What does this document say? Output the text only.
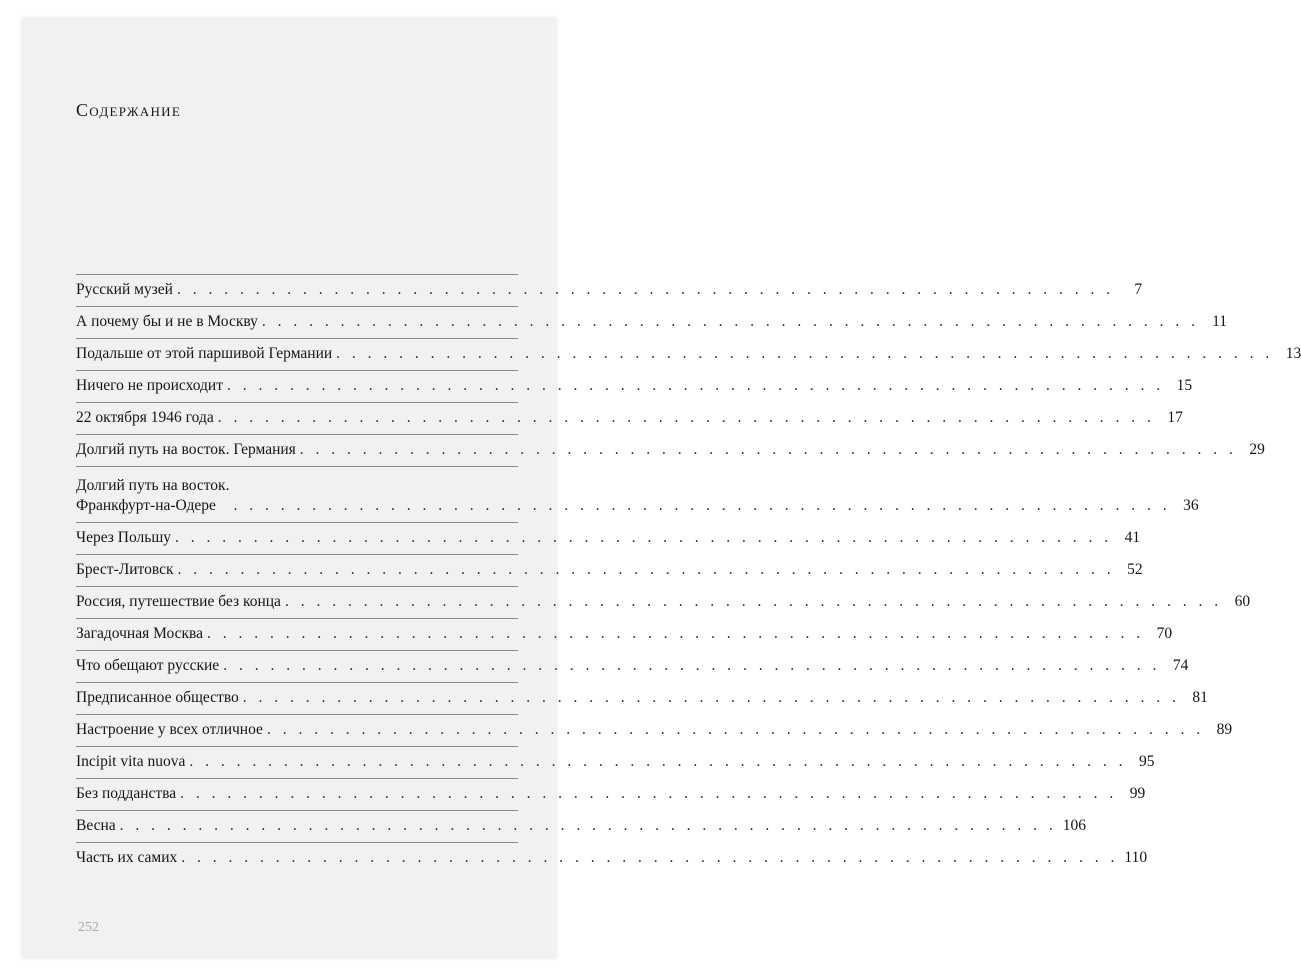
Содержание
Русский музей . . . . . . . . . . . . . . . . . . . . . . . . . . . . . . . . . . . . . . . . . . . . . . . . . . . . . . . . . . . .	7
А почему бы и не в Москву . . . . . . . . . . . . . . . . . . . . . . . . . . . . . . . . . . . . . . . . . . . . . . . . . . . . . . . . . . . . 11
Подальше от этой паршивой Германии . . . . . . . . . . . . . . . . . . . . . . . . . . . . . . . . . . . . . . . . . . . . . . . . . . . . . . . . . . . . 13
Ничего не происходит . . . . . . . . . . . . . . . . . . . . . . . . . . . . . . . . . . . . . . . . . . . . . . . . . . . . . . . . . . . . 15
22 октября 1946 года . . . . . . . . . . . . . . . . . . . . . . . . . . . . . . . . . . . . . . . . . . . . . . . . . . . . . . . . . . . . 17
Долгий путь на восток. Германия . . . . . . . . . . . . . . . . . . . . . . . . . . . . . . . . . . . . . . . . . . . . . . . . . . . . . . . . . . . . 29
Долгий путь на восток.
Франкфурт-на-Одере	. . . . . . . . . . . . . . . . . . . . . . . . . . . . . . . . . . . . . . . . . . . . . . . . . . . . . . . . . . . . 36
Через Польшу . . . . . . . . . . . . . . . . . . . . . . . . . . . . . . . . . . . . . . . . . . . . . . . . . . . . . . . . . . . . 41
Брест-Литовск . . . . . . . . . . . . . . . . . . . . . . . . . . . . . . . . . . . . . . . . . . . . . . . . . . . . . . . . . . . . 52
Россия, путешествие без конца . . . . . . . . . . . . . . . . . . . . . . . . . . . . . . . . . . . . . . . . . . . . . . . . . . . . . . . . . . . . 60
Загадочная Москва . . . . . . . . . . . . . . . . . . . . . . . . . . . . . . . . . . . . . . . . . . . . . . . . . . . . . . . . . . . . 70
Что обещают русские . . . . . . . . . . . . . . . . . . . . . . . . . . . . . . . . . . . . . . . . . . . . . . . . . . . . . . . . . . . . 74
Предписанное общество . . . . . . . . . . . . . . . . . . . . . . . . . . . . . . . . . . . . . . . . . . . . . . . . . . . . . . . . . . . . 81
Настроение у всех отличное . . . . . . . . . . . . . . . . . . . . . . . . . . . . . . . . . . . . . . . . . . . . . . . . . . . . . . . . . . . . 89
Incipit vita nuova . . . . . . . . . . . . . . . . . . . . . . . . . . . . . . . . . . . . . . . . . . . . . . . . . . . . . . . . . . . . 95
Без подданства . . . . . . . . . . . . . . . . . . . . . . . . . . . . . . . . . . . . . . . . . . . . . . . . . . . . . . . . . . . . 99
Весна . . . . . . . . . . . . . . . . . . . . . . . . . . . . . . . . . . . . . . . . . . . . . . . . . . . . . . . . . . . . 106
Часть их самих . . . . . . . . . . . . . . . . . . . . . . . . . . . . . . . . . . . . . . . . . . . . . . . . . . . . . . . . . . . . 110
252
